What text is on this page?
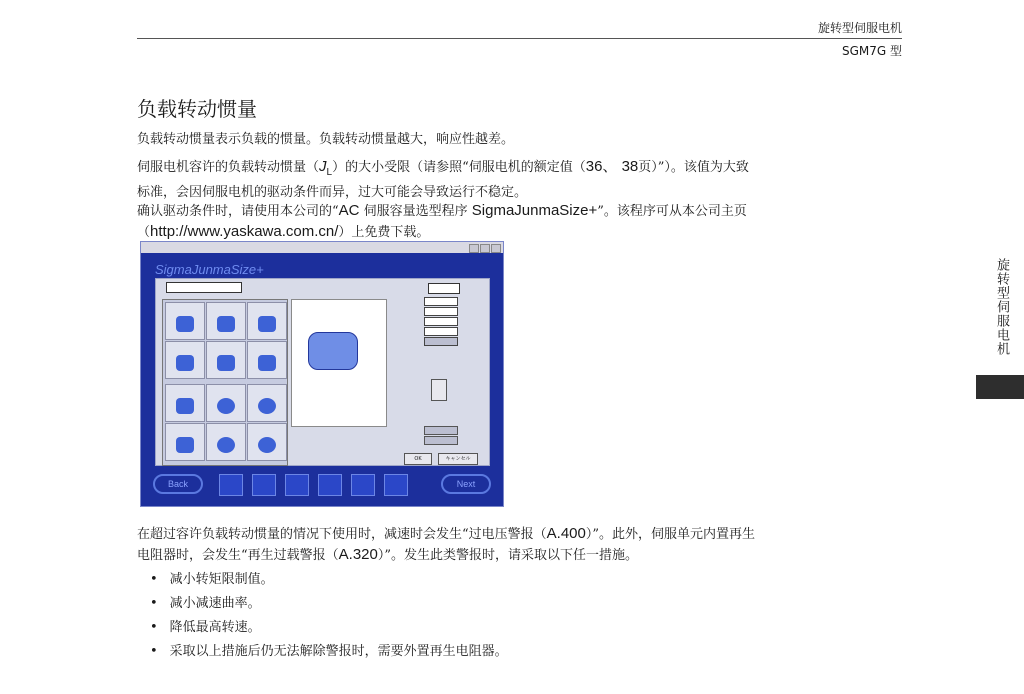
旋转型伺服电机
SGM7G 型
旋转型伺服电机
负载转动惯量
负载转动惯量表示负载的惯量。负载转动惯量越大，响应性越差。
伺服电机容许的负载转动惯量$(J_L)$的大小受限（请参照“伺服电机的额定值（36、 38页）”）。该值为大致
标准，会因伺服电机的驱动条件而异，过大可能会导致运行不稳定。
确认驱动条件时，请使用本公司的“AC 伺服容量选型程序 SigmaJunmaSize+”。该程序可从本公司主页
（http://www.yaskawa.com.cn/）上免费下载。
SigmaJunmaSize+
OK	キャンセル
Back	Next
在超过容许负载转动惯量的情况下使用时，减速时会发生“过电压警报（A.400）”。此外，伺服单元内置再生
电阻器时，会发生“再生过载警报（A.320）”。发生此类警报时，请采取以下任一措施。
• 减小转矩限制值。
• 减小减速曲率。
• 降低最高转速。
• 采取以上措施后仍无法解除警报时，需要外置再生电阻器。
